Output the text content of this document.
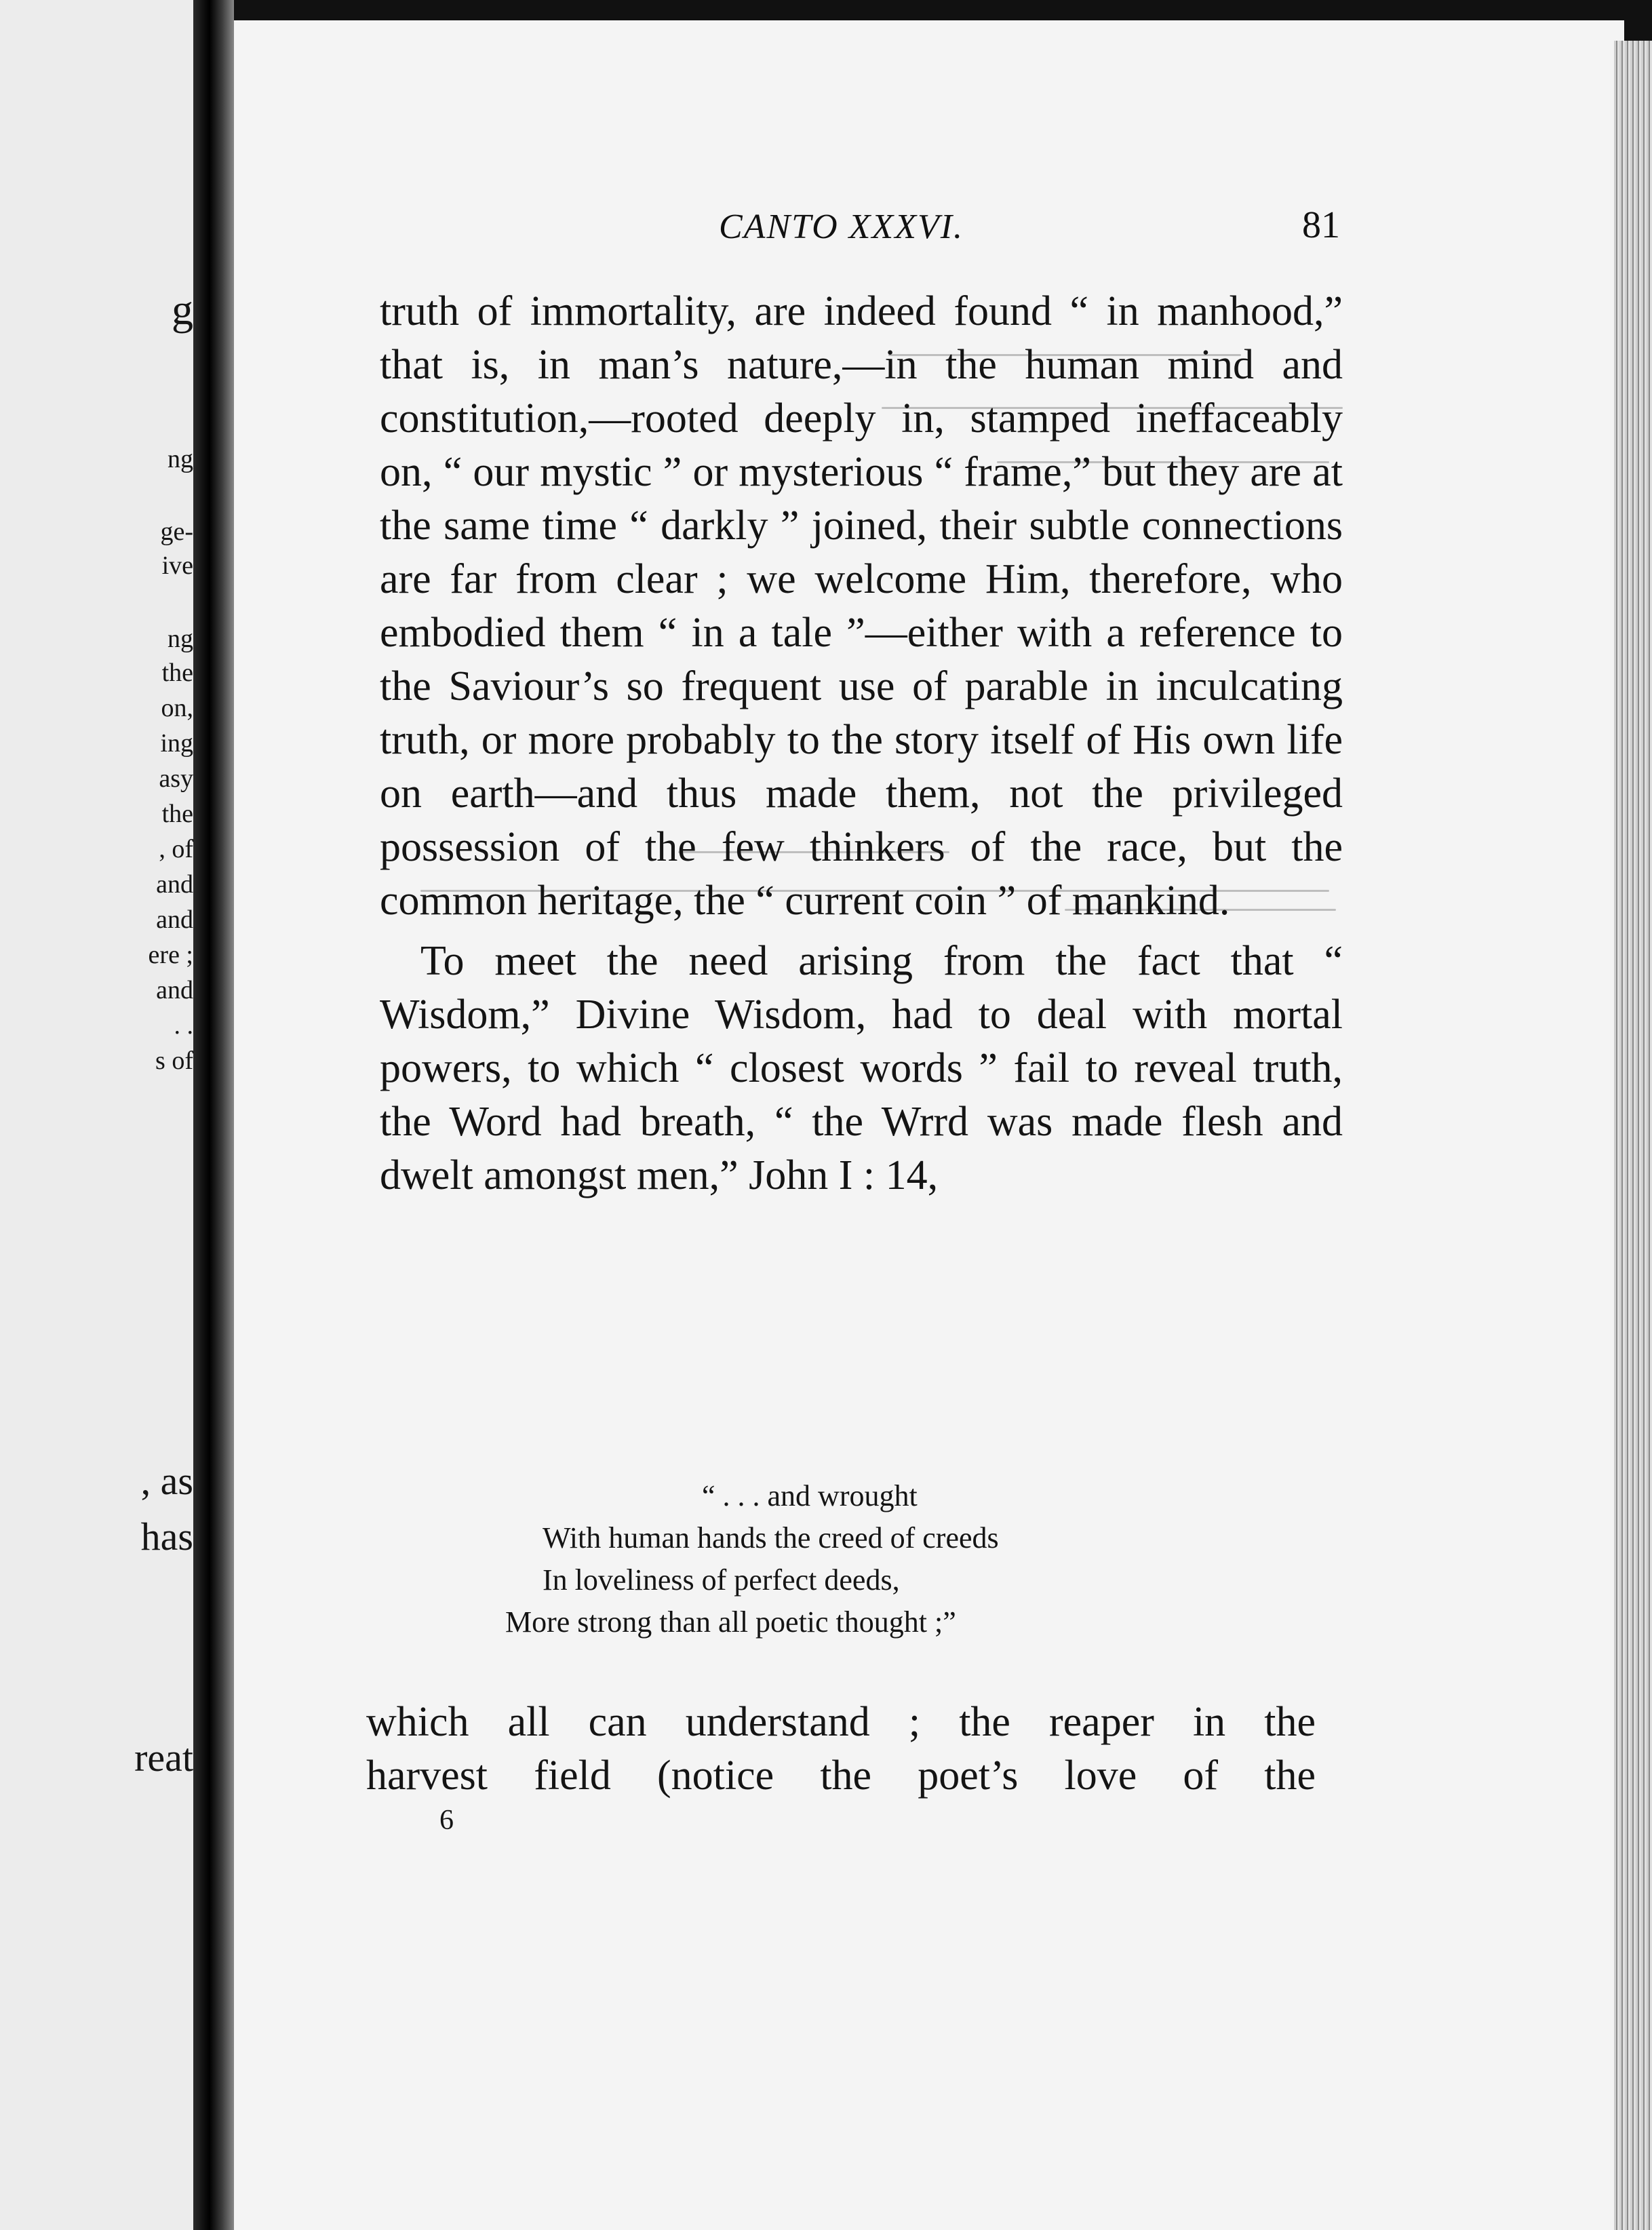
g
ng
ge-
ive
ng
the
on,
ing
asy
the
, of
and
and
ere ;
and
. .
s of
, as
has
reat
CANTO XXXVI.	81

truth of immortality, are indeed found “ in manhood,” that is, in man’s nature,—in the human mind and constitution,—rooted deeply in, stamped ineffaceably on, “ our mystic ” or mysterious “ frame,” but they are at the same time “ darkly ” joined, their subtle connections are far from clear ; we welcome Him, therefore, who embodied them “ in a tale ”—either with a reference to the Saviour’s so frequent use of parable in inculcating truth, or more probably to the story itself of His own life on earth—and thus made them, not the privileged possession of the few thinkers of the race, but the common heritage, the “ current coin ” of mankind.

To meet the need arising from the fact that “ Wisdom,” Divine Wisdom, had to deal with mortal powers, to which “ closest words ” fail to reveal truth, the Word had breath, “ the Wrrd was made flesh and dwelt amongst men,” John I : 14,

“ . . . and wrought
With human hands the creed of creeds
In loveliness of perfect deeds,
More strong than all poetic thought ;”
which all can understand ; the reaper in the
harvest field (notice the poet’s love of the
6
